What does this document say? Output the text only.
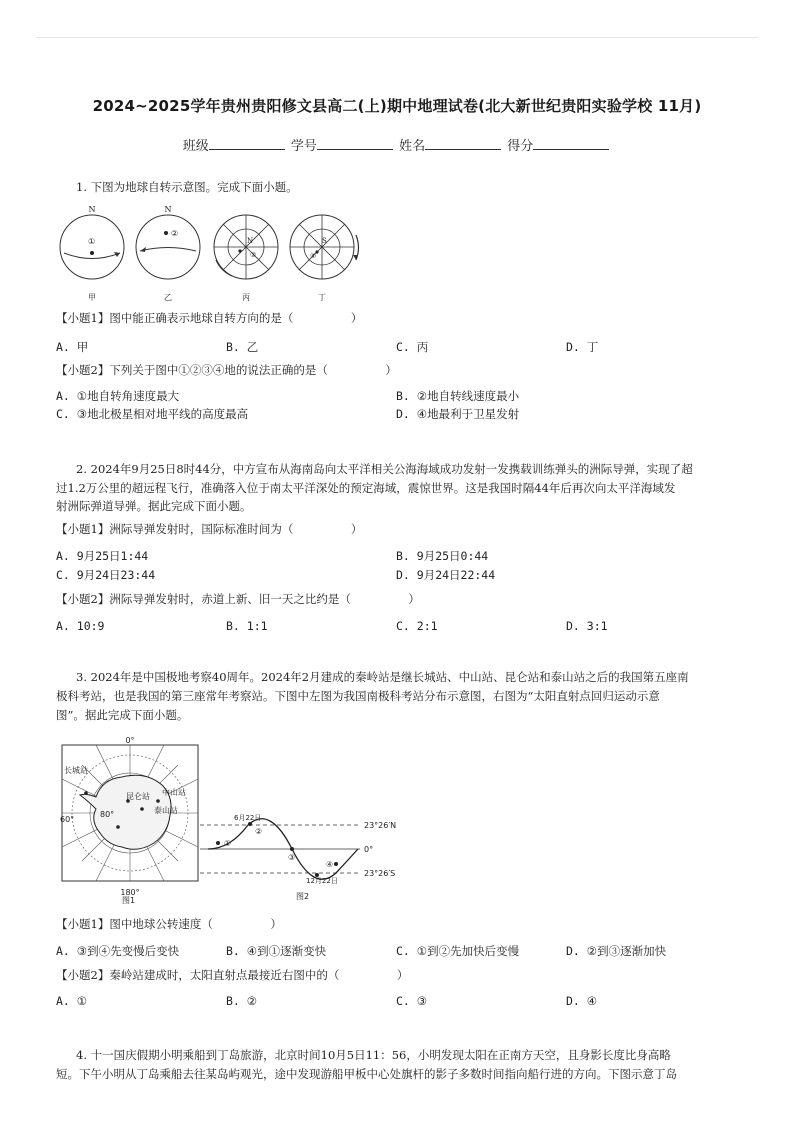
2024~2025学年贵州贵阳修文县高二(上)期中地理试卷(北大新世纪贵阳实验学校 11月)
班级	学号	姓名	得分
1. 下图为地球自转示意图。完成下面小题。
N
①
甲
N
②
乙
N
③
丙
S
④
丁
【小题1】图中能正确表示地球自转方向的是（　　　　　）
A. 甲	B. 乙	C. 丙	D. 丁
【小题2】下列关于图中①②③④地的说法正确的是（　　　　　）
A. ①地自转角速度最大	B. ②地自转线速度最小
C. ③地北极星相对地平线的高度最高	D. ④地最利于卫星发射
2. 2024年9月25日8时44分，中方宣布从海南岛向太平洋相关公海海域成功发射一发携载训练弹头的洲际导弹，实现了超
过1.2万公里的超远程飞行，准确落入位于南太平洋深处的预定海域，震惊世界。这是我国时隔44年后再次向太平洋海域发
射洲际弹道导弹。据此完成下面小题。
【小题1】洲际导弹发射时，国际标准时间为（　　　　　）
A. 9月25日1:44	B. 9月25日0:44
C. 9月24日23:44	D. 9月24日22:44
【小题2】洲际导弹发射时，赤道上新、旧一天之比约是（　　　　　）
A. 10:9	B. 1:1	C. 2:1	D. 3:1
3. 2024年是中国极地考察40周年。2024年2月建成的秦岭站是继长城站、中山站、昆仑站和泰山站之后的我国第五座南
极科考站，也是我国的第三座常年考察站。下图中左图为我国南极科考站分布示意图，右图为“太阳直射点回归运动示意
图”。据此完成下面小题。
0°
180°
60°
80°
长城站
昆仑站 中山站
泰山站
图1
6月22日
12月22日
23°26′N
0°
23°26′S
①
②
③
④
图2
【小题1】图中地球公转速度（　　　　　）
A. ③到④先变慢后变快	B. ④到①逐渐变快	C. ①到②先加快后变慢	D. ②到③逐渐加快
【小题2】秦岭站建成时，太阳直射点最接近右图中的（　　　　　）
A. ①	B. ②	C. ③	D. ④
4. 十一国庆假期小明乘船到丁岛旅游，北京时间10月5日11：56，小明发现太阳在正南方天空，且身影长度比身高略
短。下午小明从丁岛乘船去往某岛屿观光，途中发现游船甲板中心处旗杆的影子多数时间指向船行进的方向。下图示意丁岛
